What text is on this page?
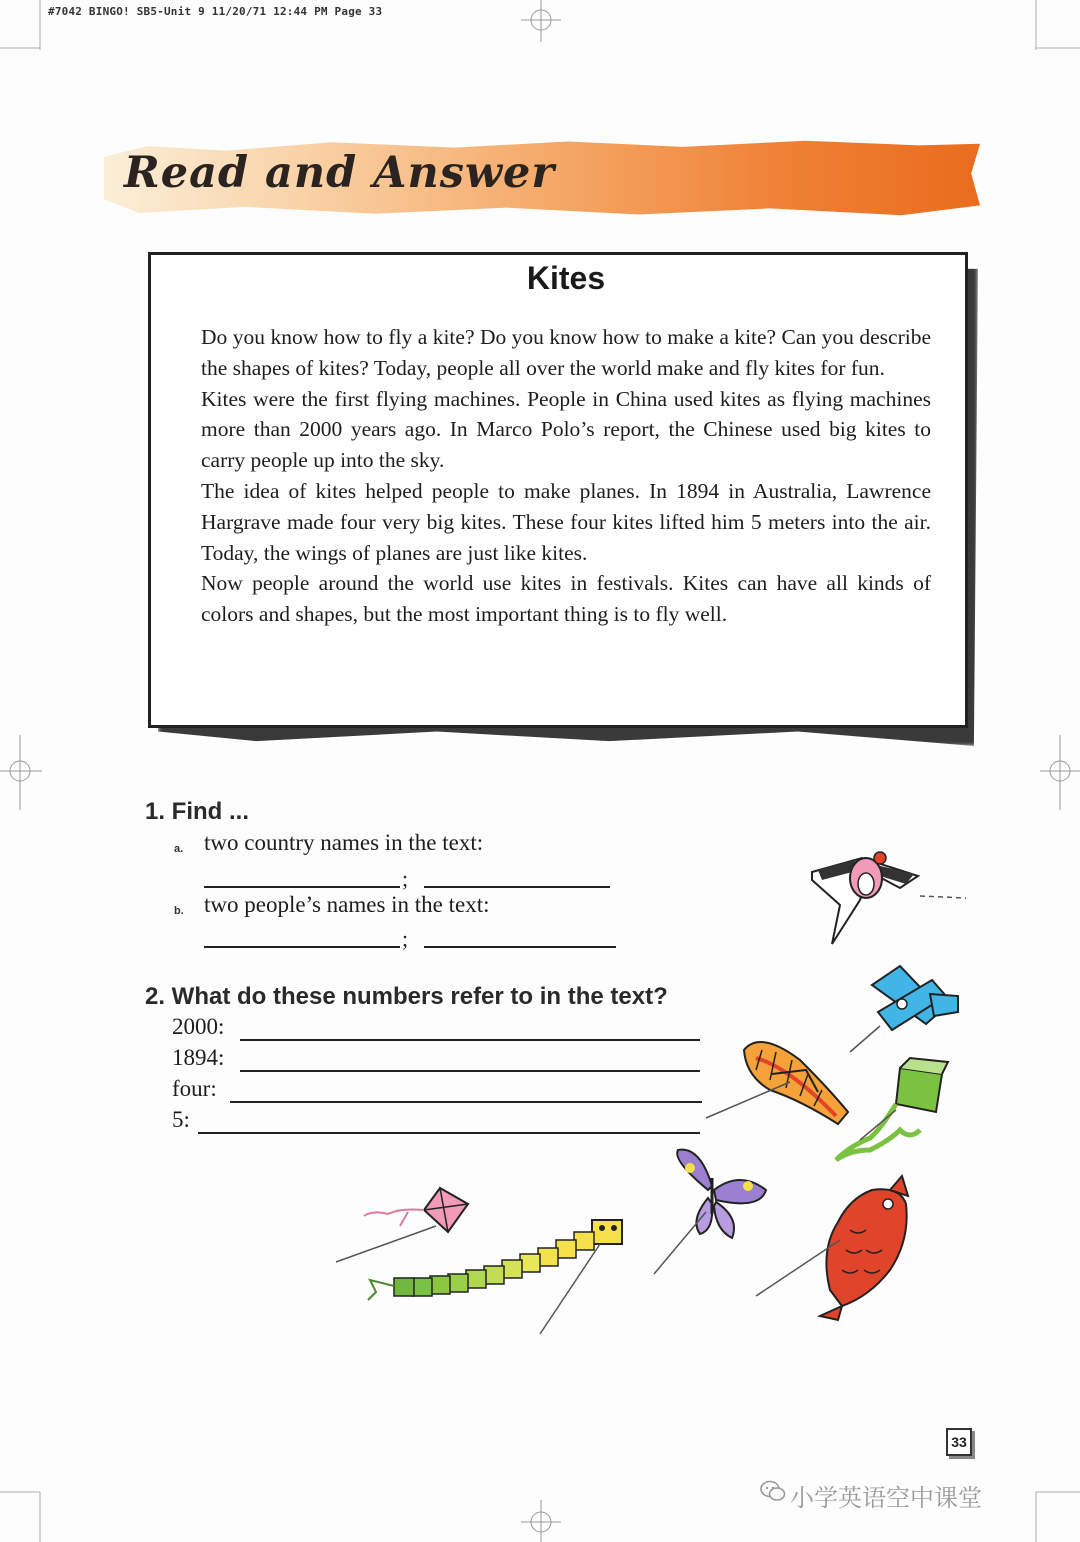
#7042 BINGO! SB5-Unit 9 11/20/71 12:44 PM Page 33
Read and Answer
Kites

Do you know how to fly a kite? Do you know how to make a kite? Can you describe the shapes of kites? Today, people all over the world make and fly kites for fun.

Kites were the first flying machines. People in China used kites as flying machines more than 2000 years ago. In Marco Polo’s report, the Chinese used big kites to carry people up into the sky.

The idea of kites helped people to make planes. In 1894 in Australia, Lawrence Hargrave made four very big kites. These four kites lifted him 5 meters into the air. Today, the wings of planes are just like kites.

Now people around the world use kites in festivals. Kites can have all kinds of colors and shapes, but the most important thing is to fly well.

1. Find ...
a. two country names in the text:
;
b. two people’s names in the text:
;
2. What do these numbers refer to in the text?
2000:
1894:
four:
5:
33
小学英语空中课堂
